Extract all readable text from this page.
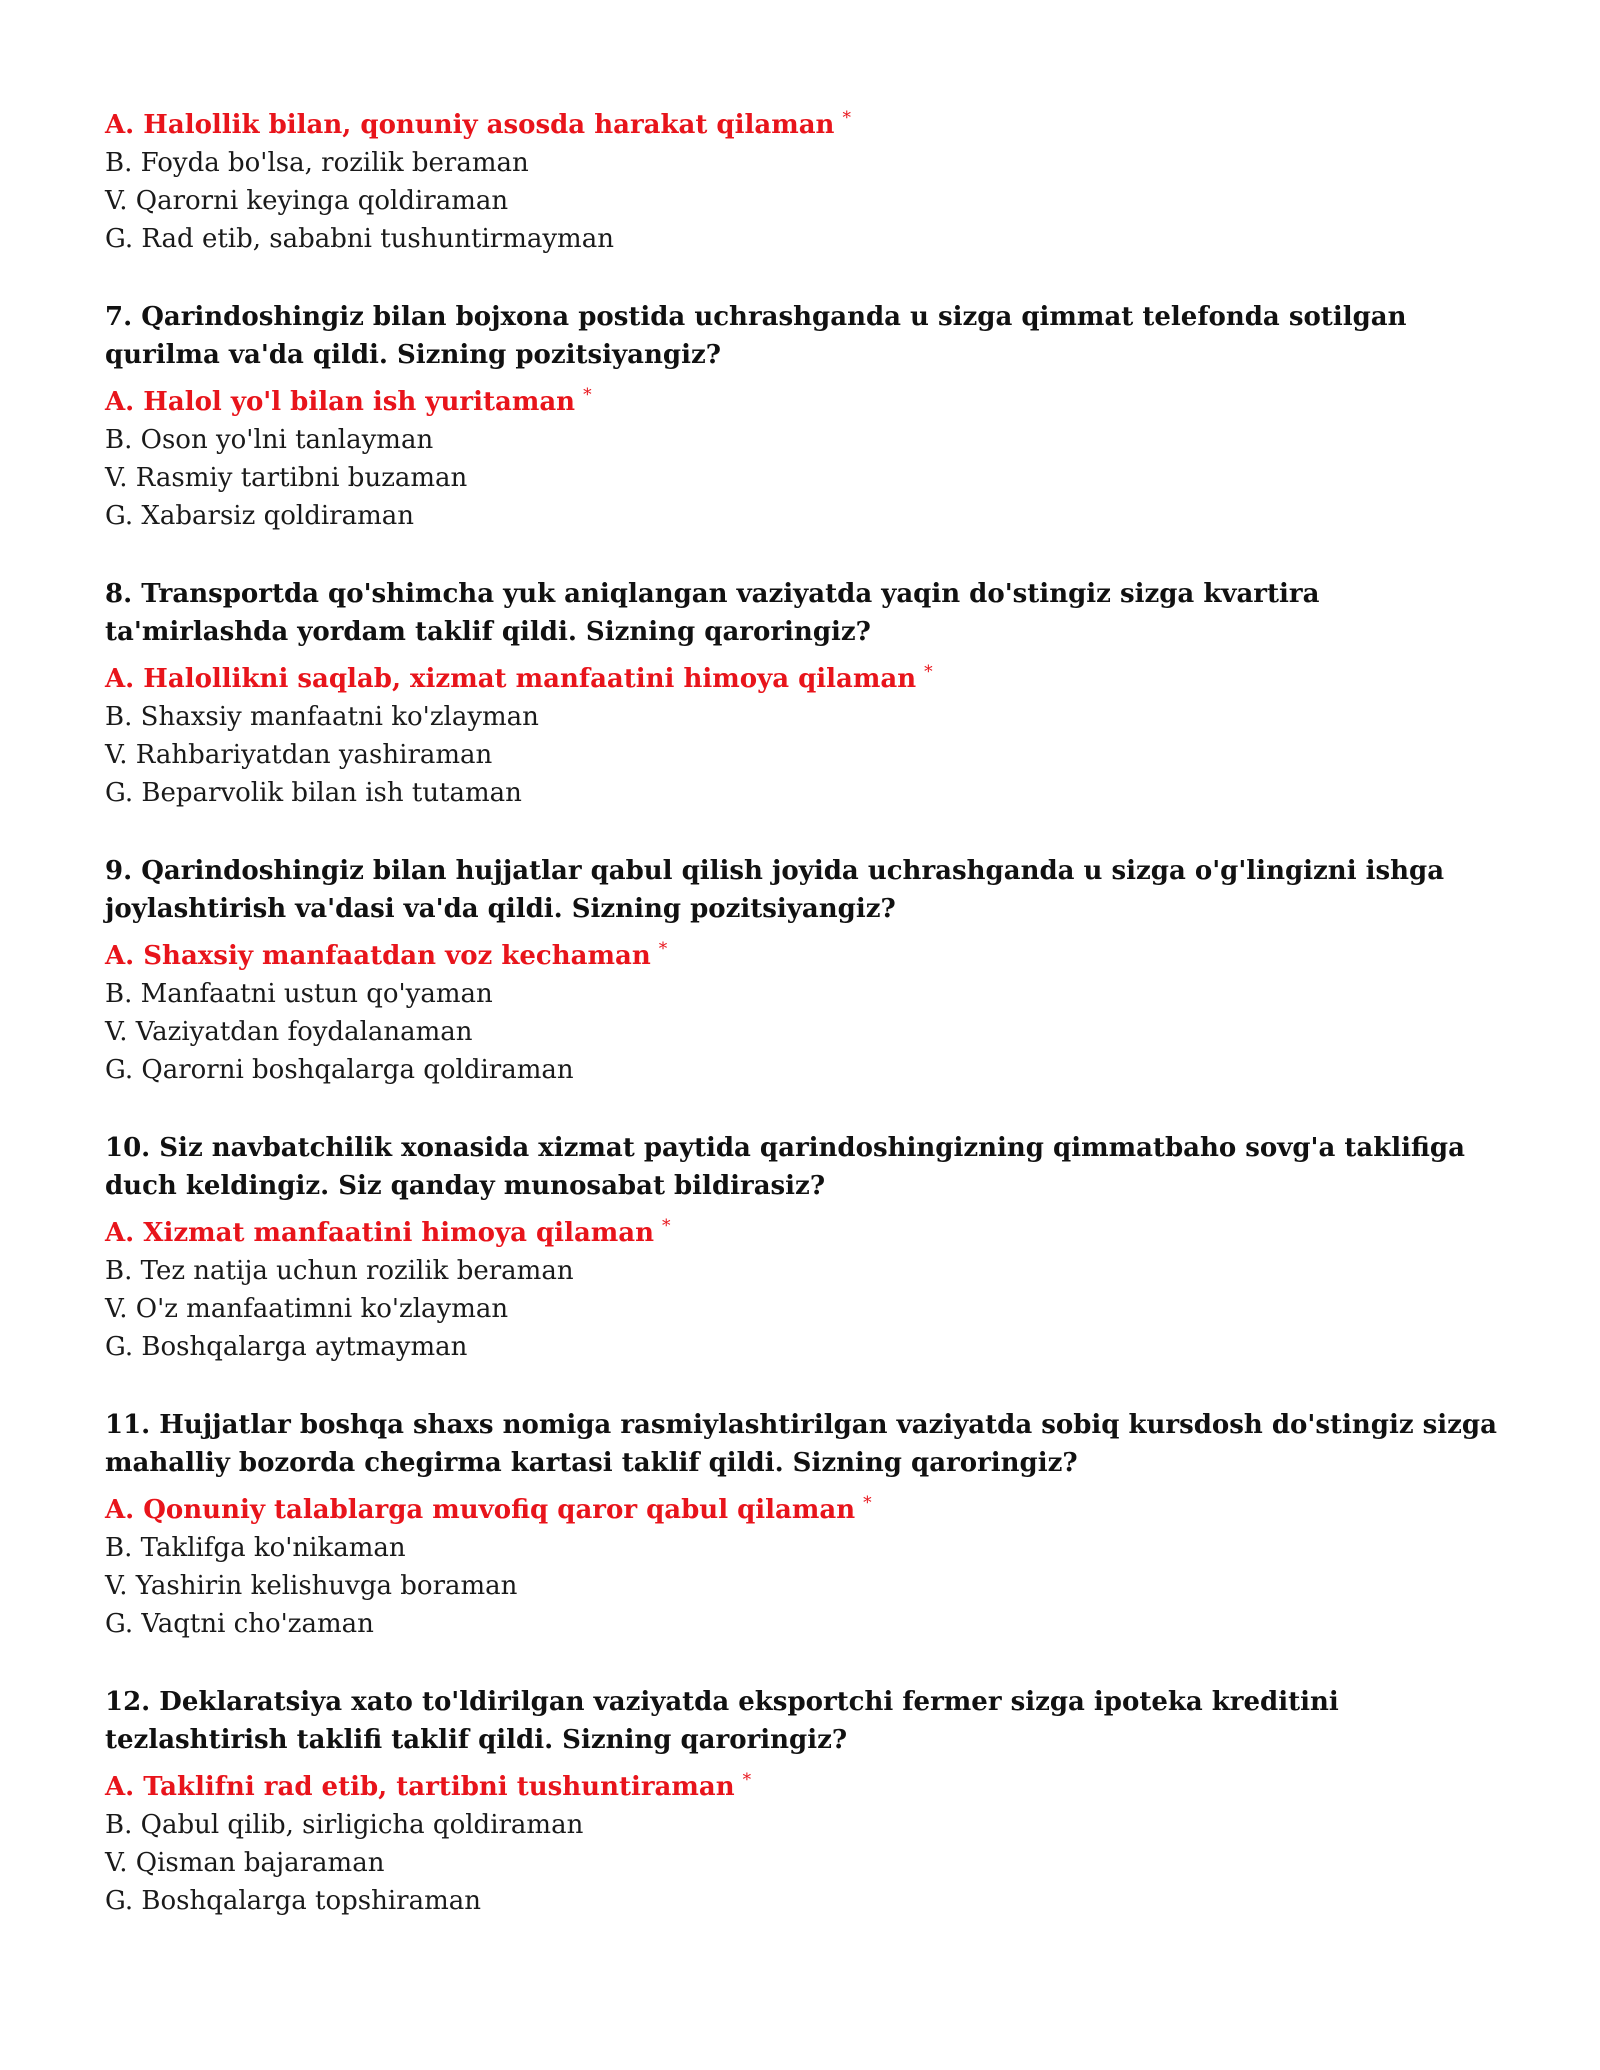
A. Halollik bilan, qonuniy asosda harakat qilaman *

B. Foyda bo'lsa, rozilik beraman

V. Qarorni keyinga qoldiraman

G. Rad etib, sababni tushuntirmayman

7. Qarindoshingiz bilan bojxona postida uchrashganda u sizga qimmat telefonda sotilgan qurilma va'da qildi. Sizning pozitsiyangiz?

A. Halol yo'l bilan ish yuritaman *

B. Oson yo'lni tanlayman

V. Rasmiy tartibni buzaman

G. Xabarsiz qoldiraman

8. Transportda qo'shimcha yuk aniqlangan vaziyatda yaqin do'stingiz sizga kvartira ta'mirlashda yordam taklif qildi. Sizning qaroringiz?

A. Halollikni saqlab, xizmat manfaatini himoya qilaman *

B. Shaxsiy manfaatni ko'zlayman

V. Rahbariyatdan yashiraman

G. Beparvolik bilan ish tutaman

9. Qarindoshingiz bilan hujjatlar qabul qilish joyida uchrashganda u sizga o'g'lingizni ishga joylashtirish va'dasi va'da qildi. Sizning pozitsiyangiz?

A. Shaxsiy manfaatdan voz kechaman *

B. Manfaatni ustun qo'yaman

V. Vaziyatdan foydalanaman

G. Qarorni boshqalarga qoldiraman

10. Siz navbatchilik xonasida xizmat paytida qarindoshingizning qimmatbaho sovg'a taklifiga duch keldingiz. Siz qanday munosabat bildirasiz?

A. Xizmat manfaatini himoya qilaman *

B. Tez natija uchun rozilik beraman

V. O'z manfaatimni ko'zlayman

G. Boshqalarga aytmayman

11. Hujjatlar boshqa shaxs nomiga rasmiylashtirilgan vaziyatda sobiq kursdosh do'stingiz sizga mahalliy bozorda chegirma kartasi taklif qildi. Sizning qaroringiz?

A. Qonuniy talablarga muvofiq qaror qabul qilaman *

B. Taklifga ko'nikaman

V. Yashirin kelishuvga boraman

G. Vaqtni cho'zaman

12. Deklaratsiya xato to'ldirilgan vaziyatda eksportchi fermer sizga ipoteka kreditini tezlashtirish taklifi taklif qildi. Sizning qaroringiz?

A. Taklifni rad etib, tartibni tushuntiraman *

B. Qabul qilib, sirligicha qoldiraman

V. Qisman bajaraman

G. Boshqalarga topshiraman
